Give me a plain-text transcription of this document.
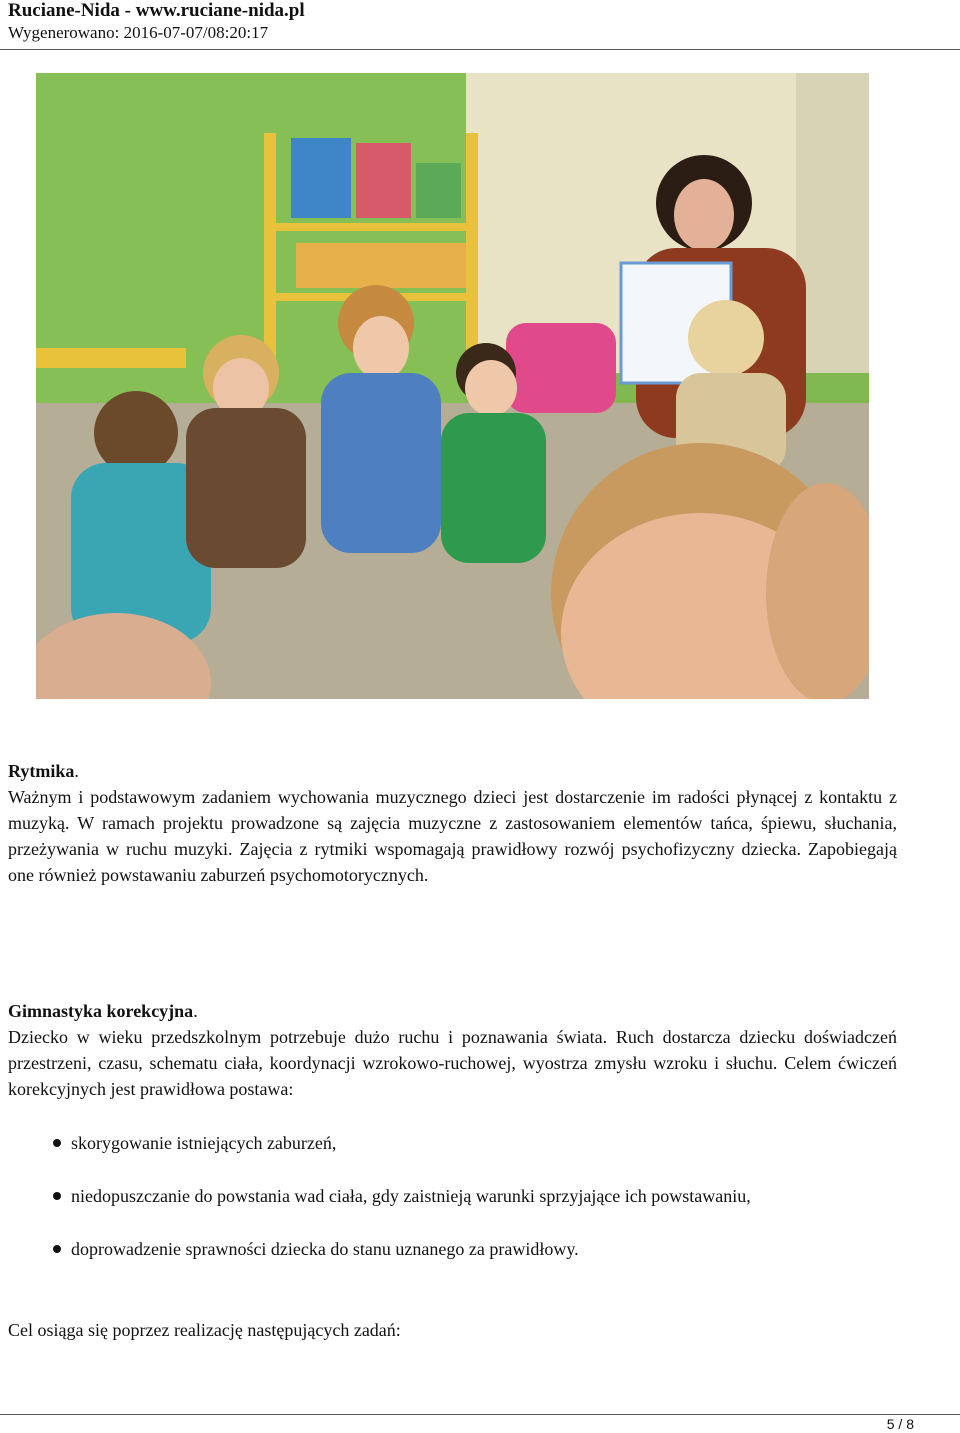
Ruciane-Nida - www.ruciane-nida.pl
Wygenerowano: 2016-07-07/08:20:17
Rytmika.

Ważnym i podstawowym zadaniem wychowania muzycznego dzieci jest dostarczenie im radości płynącej z kontaktu z muzyką. W ramach projektu prowadzone są zajęcia muzyczne z zastosowaniem elementów tańca, śpiewu, słuchania, przeżywania w ruchu muzyki. Zajęcia z rytmiki wspomagają prawidłowy rozwój psychofizyczny dziecka. Zapobiegają one również powstawaniu zaburzeń psychomotorycznych.

Gimnastyka korekcyjna.

Dziecko w wieku przedszkolnym potrzebuje dużo ruchu i poznawania świata. Ruch dostarcza dziecku doświadczeń przestrzeni, czasu, schematu ciała, koordynacji wzrokowo-ruchowej, wyostrza zmysłu wzroku i słuchu. Celem ćwiczeń korekcyjnych jest prawidłowa postawa:

skorygowanie istniejących zaburzeń,
niedopuszczanie do powstania wad ciała, gdy zaistnieją warunki sprzyjające ich powstawaniu,
doprowadzenie sprawności dziecka do stanu uznanego za prawidłowy.
Cel osiąga się poprzez realizację następujących zadań:
5 / 8
